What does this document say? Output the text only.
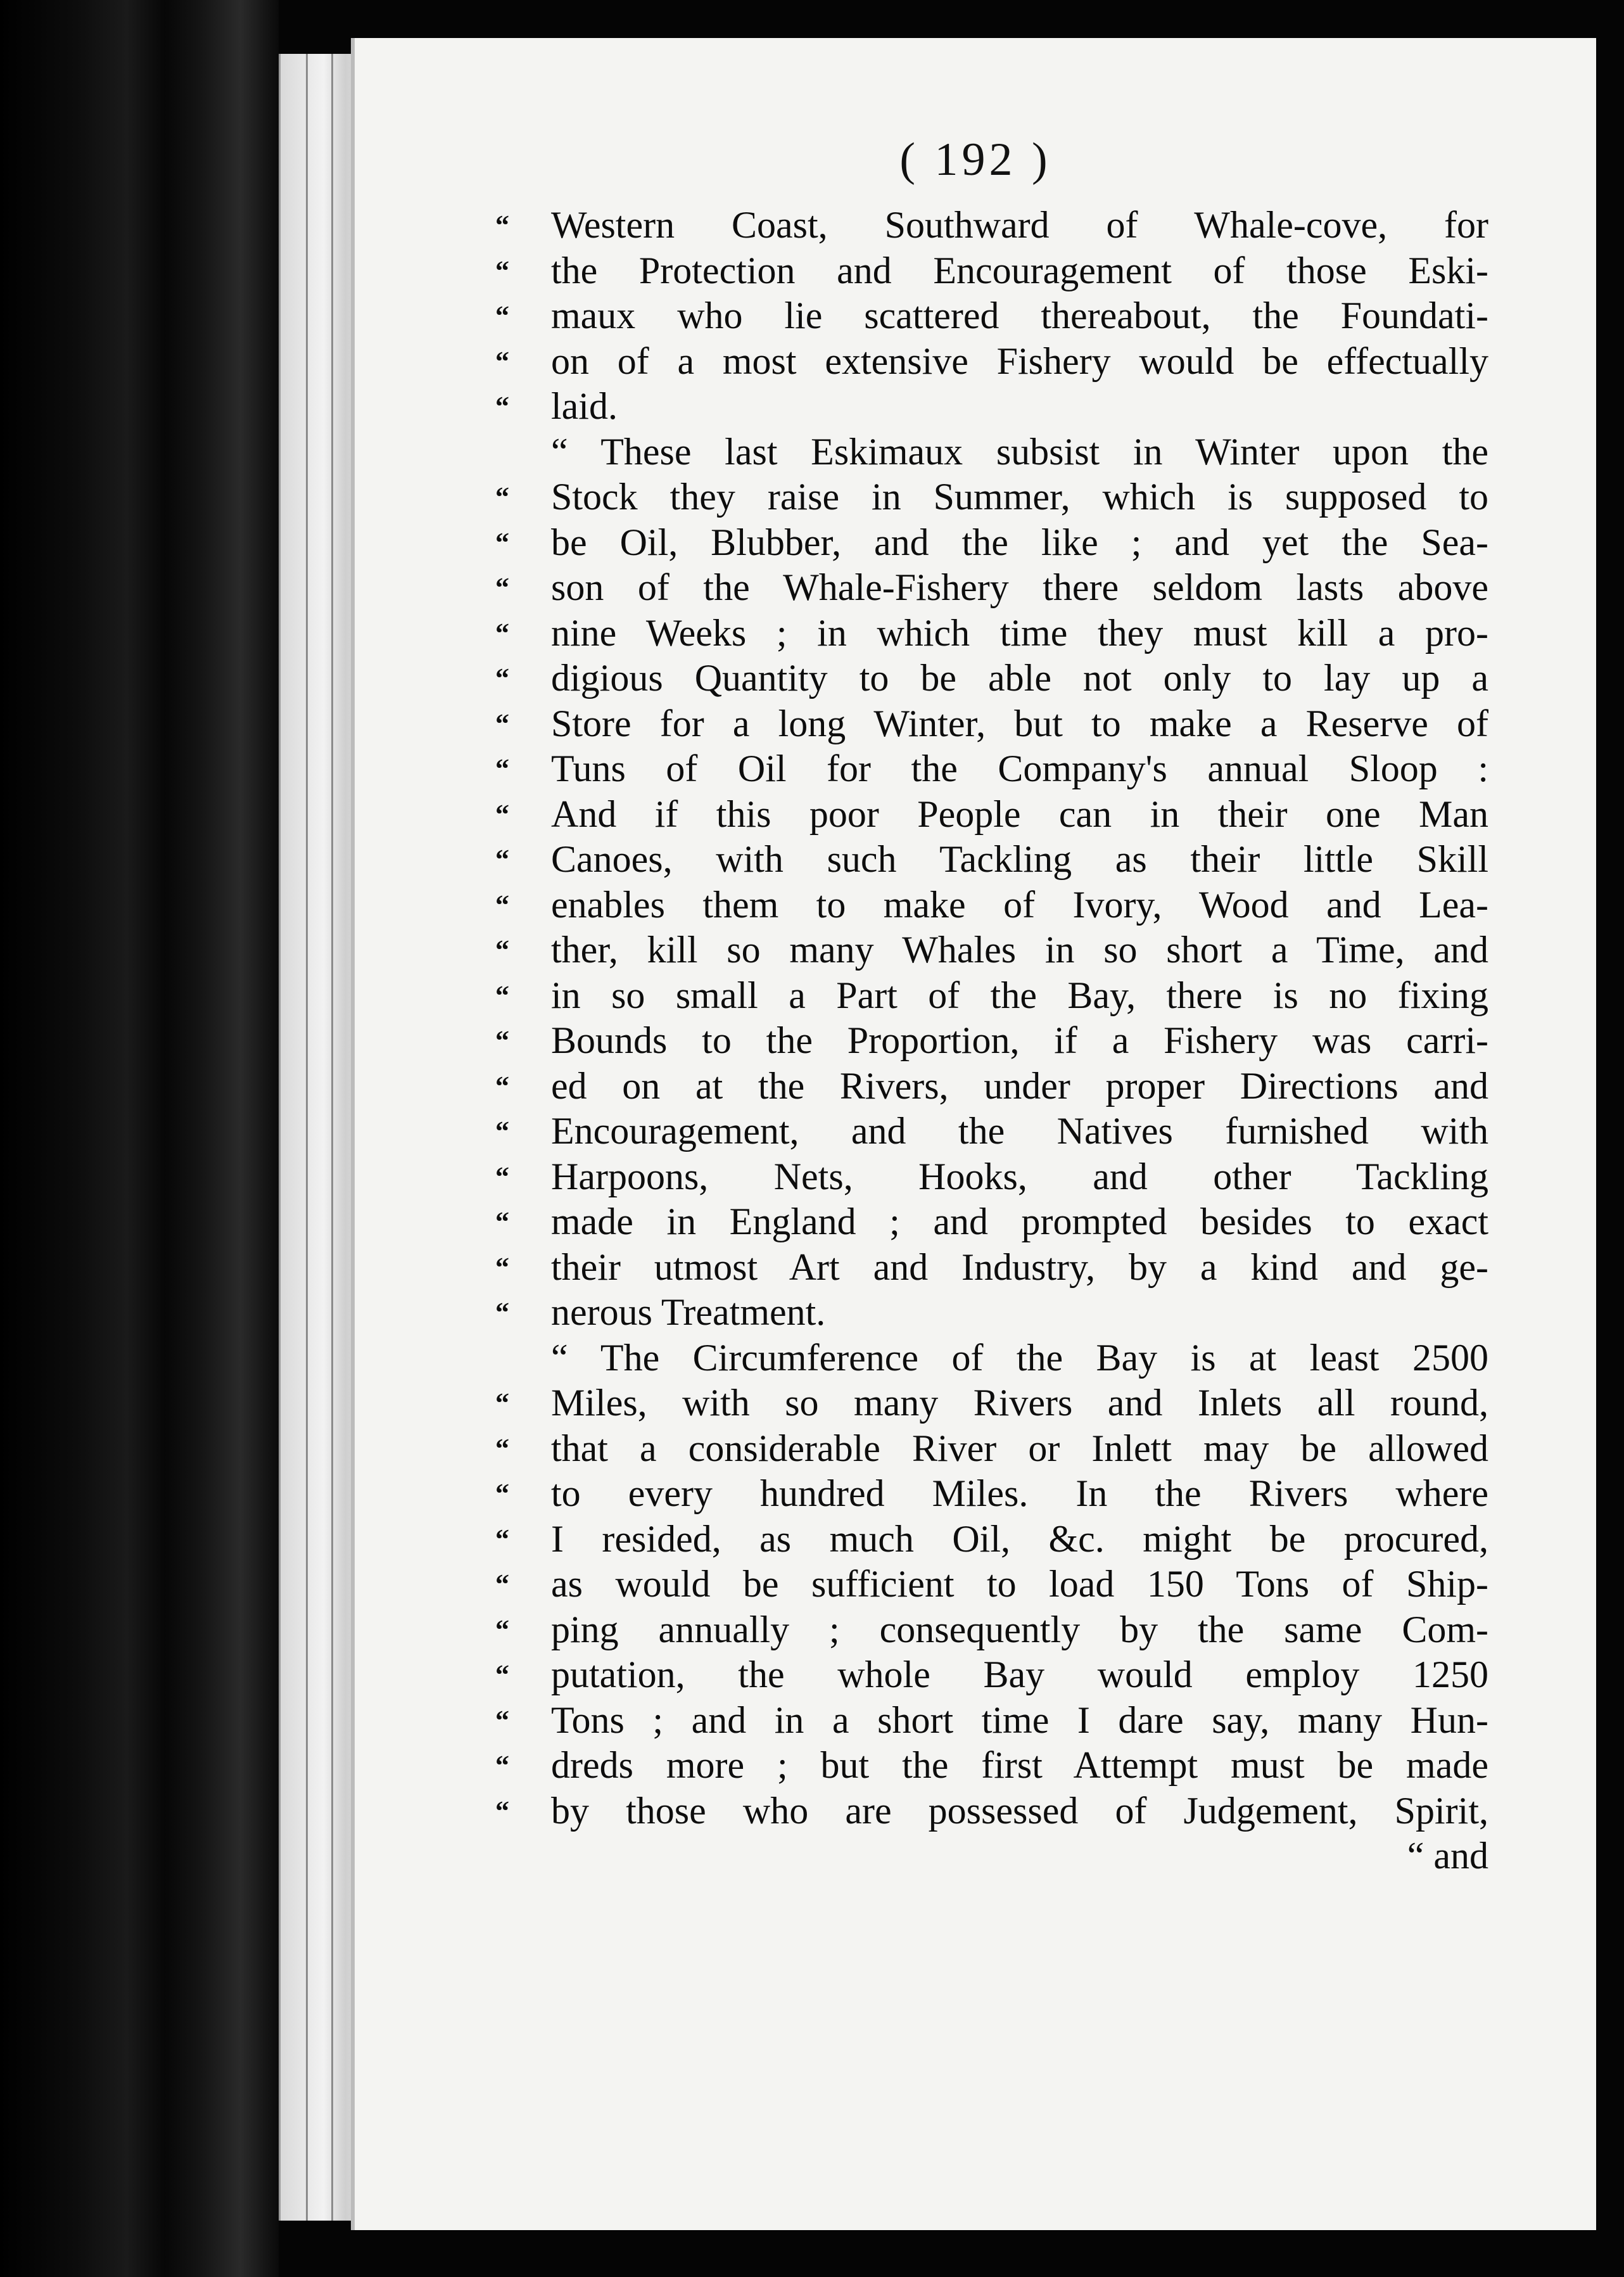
( 192 )
“	Western Coast, Southward of Whale-cove, for
“	the Protection and Encouragement of those Eski-
“	maux who lie scattered thereabout, the Foundati-
“	on of a most extensive Fishery would be effectually
“	laid.
“ These last Eskimaux subsist in Winter upon the
“	Stock they raise in Summer, which is supposed to
“	be Oil, Blubber, and the like ; and yet the Sea-
“	son of the Whale-Fishery there seldom lasts above
“	nine Weeks ; in which time they must kill a pro-
“	digious Quantity to be able not only to lay up a
“	Store for a long Winter, but to make a Reserve of
“	Tuns of Oil for the Company's annual Sloop :
“	And if this poor People can in their one Man
“	Canoes, with such Tackling as their little Skill
“	enables them to make of Ivory, Wood and Lea-
“	ther, kill so many Whales in so short a Time, and
“	in so small a Part of the Bay, there is no fixing
“	Bounds to the Proportion, if a Fishery was carri-
“	ed on at the Rivers, under proper Directions and
“	Encouragement, and the Natives furnished with
“	Harpoons, Nets, Hooks, and other Tackling
“	made in England ; and prompted besides to exact
“	their utmost Art and Industry, by a kind and ge-
“	nerous Treatment.
“ The Circumference of the Bay is at least 2500
“	Miles, with so many Rivers and Inlets all round,
“	that a considerable River or Inlett may be allowed
“	to every hundred Miles. In the Rivers where
“	I resided, as much Oil, &c. might be procured,
“	as would be sufficient to load 150 Tons of Ship-
“	ping annually ; consequently by the same Com-
“	putation, the whole Bay would employ 1250
“	Tons ; and in a short time I dare say, many Hun-
“	dreds more ; but the first Attempt must be made
“	by those who are possessed of Judgement, Spirit,
“ and
